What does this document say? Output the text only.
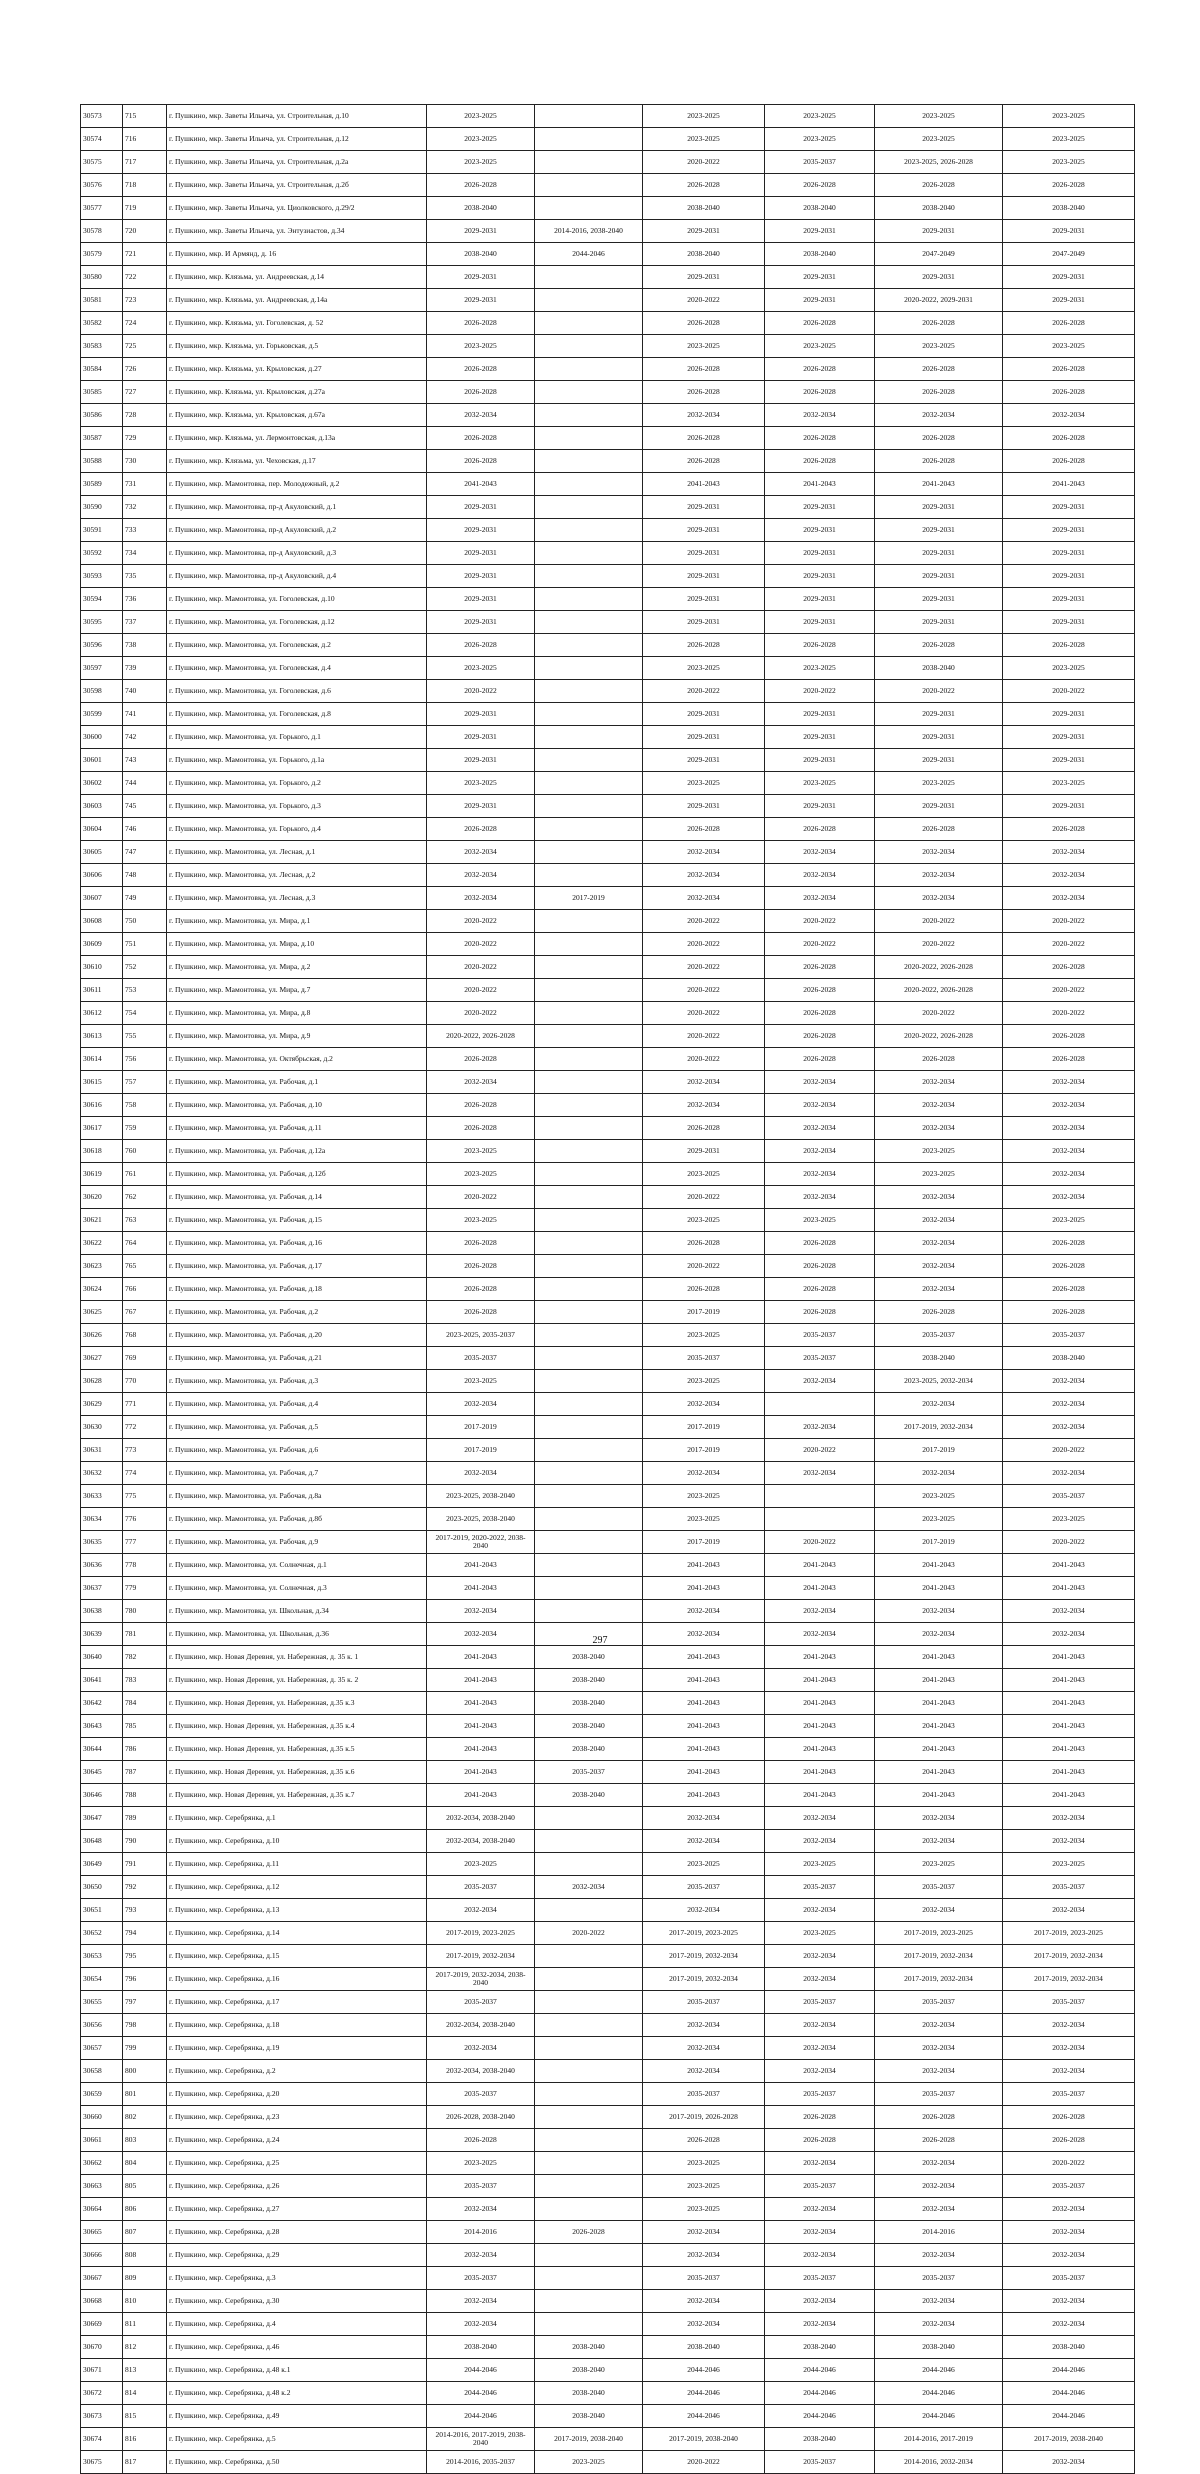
30573	715	г. Пушкино, мкр. Заветы Ильича, ул. Строительная, д.10	2023-2025		2023-2025	2023-2025	2023-2025	2023-2025
30574	716	г. Пушкино, мкр. Заветы Ильича, ул. Строительная, д.12	2023-2025		2023-2025	2023-2025	2023-2025	2023-2025
30575	717	г. Пушкино, мкр. Заветы Ильича, ул. Строительная, д.2а	2023-2025		2020-2022	2035-2037	2023-2025, 2026-2028	2023-2025
30576	718	г. Пушкино, мкр. Заветы Ильича, ул. Строительная, д.2б	2026-2028		2026-2028	2026-2028	2026-2028	2026-2028
30577	719	г. Пушкино, мкр. Заветы Ильича, ул. Циолковского, д.29/2	2038-2040		2038-2040	2038-2040	2038-2040	2038-2040
30578	720	г. Пушкино, мкр. Заветы Ильича, ул. Энтузиастов, д.34	2029-2031	2014-2016, 2038-2040	2029-2031	2029-2031	2029-2031	2029-2031
30579	721	г. Пушкино, мкр. И Армянд, д. 16	2038-2040	2044-2046	2038-2040	2038-2040	2047-2049	2047-2049
30580	722	г. Пушкино, мкр. Клязьма, ул. Андреевская, д.14	2029-2031		2029-2031	2029-2031	2029-2031	2029-2031
30581	723	г. Пушкино, мкр. Клязьма, ул. Андреевская, д.14а	2029-2031		2020-2022	2029-2031	2020-2022, 2029-2031	2029-2031
30582	724	г. Пушкино, мкр. Клязьма, ул. Гоголевская, д. 52	2026-2028		2026-2028	2026-2028	2026-2028	2026-2028
30583	725	г. Пушкино, мкр. Клязьма, ул. Горьковская, д.5	2023-2025		2023-2025	2023-2025	2023-2025	2023-2025
30584	726	г. Пушкино, мкр. Клязьма, ул. Крыловская, д.27	2026-2028		2026-2028	2026-2028	2026-2028	2026-2028
30585	727	г. Пушкино, мкр. Клязьма, ул. Крыловская, д.27а	2026-2028		2026-2028	2026-2028	2026-2028	2026-2028
30586	728	г. Пушкино, мкр. Клязьма, ул. Крыловская, д.67а	2032-2034		2032-2034	2032-2034	2032-2034	2032-2034
30587	729	г. Пушкино, мкр. Клязьма, ул. Лермонтовская, д.13а	2026-2028		2026-2028	2026-2028	2026-2028	2026-2028
30588	730	г. Пушкино, мкр. Клязьма, ул. Чеховская, д.17	2026-2028		2026-2028	2026-2028	2026-2028	2026-2028
30589	731	г. Пушкино, мкр. Мамонтовка, пер. Молодежный, д.2	2041-2043		2041-2043	2041-2043	2041-2043	2041-2043
30590	732	г. Пушкино, мкр. Мамонтовка, пр-д Акуловский, д.1	2029-2031		2029-2031	2029-2031	2029-2031	2029-2031
30591	733	г. Пушкино, мкр. Мамонтовка, пр-д Акуловский, д.2	2029-2031		2029-2031	2029-2031	2029-2031	2029-2031
30592	734	г. Пушкино, мкр. Мамонтовка, пр-д Акуловский, д.3	2029-2031		2029-2031	2029-2031	2029-2031	2029-2031
30593	735	г. Пушкино, мкр. Мамонтовка, пр-д Акуловский, д.4	2029-2031		2029-2031	2029-2031	2029-2031	2029-2031
30594	736	г. Пушкино, мкр. Мамонтовка, ул. Гоголевская, д.10	2029-2031		2029-2031	2029-2031	2029-2031	2029-2031
30595	737	г. Пушкино, мкр. Мамонтовка, ул. Гоголевская, д.12	2029-2031		2029-2031	2029-2031	2029-2031	2029-2031
30596	738	г. Пушкино, мкр. Мамонтовка, ул. Гоголевская, д.2	2026-2028		2026-2028	2026-2028	2026-2028	2026-2028
30597	739	г. Пушкино, мкр. Мамонтовка, ул. Гоголевская, д.4	2023-2025		2023-2025	2023-2025	2038-2040	2023-2025
30598	740	г. Пушкино, мкр. Мамонтовка, ул. Гоголевская, д.6	2020-2022		2020-2022	2020-2022	2020-2022	2020-2022
30599	741	г. Пушкино, мкр. Мамонтовка, ул. Гоголевская, д.8	2029-2031		2029-2031	2029-2031	2029-2031	2029-2031
30600	742	г. Пушкино, мкр. Мамонтовка, ул. Горького, д.1	2029-2031		2029-2031	2029-2031	2029-2031	2029-2031
30601	743	г. Пушкино, мкр. Мамонтовка, ул. Горького, д.1а	2029-2031		2029-2031	2029-2031	2029-2031	2029-2031
30602	744	г. Пушкино, мкр. Мамонтовка, ул. Горького, д.2	2023-2025		2023-2025	2023-2025	2023-2025	2023-2025
30603	745	г. Пушкино, мкр. Мамонтовка, ул. Горького, д.3	2029-2031		2029-2031	2029-2031	2029-2031	2029-2031
30604	746	г. Пушкино, мкр. Мамонтовка, ул. Горького, д.4	2026-2028		2026-2028	2026-2028	2026-2028	2026-2028
30605	747	г. Пушкино, мкр. Мамонтовка, ул. Лесная, д.1	2032-2034		2032-2034	2032-2034	2032-2034	2032-2034
30606	748	г. Пушкино, мкр. Мамонтовка, ул. Лесная, д.2	2032-2034		2032-2034	2032-2034	2032-2034	2032-2034
30607	749	г. Пушкино, мкр. Мамонтовка, ул. Лесная, д.3	2032-2034	2017-2019	2032-2034	2032-2034	2032-2034	2032-2034
30608	750	г. Пушкино, мкр. Мамонтовка, ул. Мира, д.1	2020-2022		2020-2022	2020-2022	2020-2022	2020-2022
30609	751	г. Пушкино, мкр. Мамонтовка, ул. Мира, д.10	2020-2022		2020-2022	2020-2022	2020-2022	2020-2022
30610	752	г. Пушкино, мкр. Мамонтовка, ул. Мира, д.2	2020-2022		2020-2022	2026-2028	2020-2022, 2026-2028	2026-2028
30611	753	г. Пушкино, мкр. Мамонтовка, ул. Мира, д.7	2020-2022		2020-2022	2026-2028	2020-2022, 2026-2028	2020-2022
30612	754	г. Пушкино, мкр. Мамонтовка, ул. Мира, д.8	2020-2022		2020-2022	2026-2028	2020-2022	2020-2022
30613	755	г. Пушкино, мкр. Мамонтовка, ул. Мира, д.9	2020-2022, 2026-2028		2020-2022	2026-2028	2020-2022, 2026-2028	2026-2028
30614	756	г. Пушкино, мкр. Мамонтовка, ул. Октябрьская, д.2	2026-2028		2020-2022	2026-2028	2026-2028	2026-2028
30615	757	г. Пушкино, мкр. Мамонтовка, ул. Рабочая, д.1	2032-2034		2032-2034	2032-2034	2032-2034	2032-2034
30616	758	г. Пушкино, мкр. Мамонтовка, ул. Рабочая, д.10	2026-2028		2032-2034	2032-2034	2032-2034	2032-2034
30617	759	г. Пушкино, мкр. Мамонтовка, ул. Рабочая, д.11	2026-2028		2026-2028	2032-2034	2032-2034	2032-2034
30618	760	г. Пушкино, мкр. Мамонтовка, ул. Рабочая, д.12а	2023-2025		2029-2031	2032-2034	2023-2025	2032-2034
30619	761	г. Пушкино, мкр. Мамонтовка, ул. Рабочая, д.12б	2023-2025		2023-2025	2032-2034	2023-2025	2032-2034
30620	762	г. Пушкино, мкр. Мамонтовка, ул. Рабочая, д.14	2020-2022		2020-2022	2032-2034	2032-2034	2032-2034
30621	763	г. Пушкино, мкр. Мамонтовка, ул. Рабочая, д.15	2023-2025		2023-2025	2023-2025	2032-2034	2023-2025
30622	764	г. Пушкино, мкр. Мамонтовка, ул. Рабочая, д.16	2026-2028		2026-2028	2026-2028	2032-2034	2026-2028
30623	765	г. Пушкино, мкр. Мамонтовка, ул. Рабочая, д.17	2026-2028		2020-2022	2026-2028	2032-2034	2026-2028
30624	766	г. Пушкино, мкр. Мамонтовка, ул. Рабочая, д.18	2026-2028		2026-2028	2026-2028	2032-2034	2026-2028
30625	767	г. Пушкино, мкр. Мамонтовка, ул. Рабочая, д.2	2026-2028		2017-2019	2026-2028	2026-2028	2026-2028
30626	768	г. Пушкино, мкр. Мамонтовка, ул. Рабочая, д.20	2023-2025, 2035-2037		2023-2025	2035-2037	2035-2037	2035-2037
30627	769	г. Пушкино, мкр. Мамонтовка, ул. Рабочая, д.21	2035-2037		2035-2037	2035-2037	2038-2040	2038-2040
30628	770	г. Пушкино, мкр. Мамонтовка, ул. Рабочая, д.3	2023-2025		2023-2025	2032-2034	2023-2025, 2032-2034	2032-2034
30629	771	г. Пушкино, мкр. Мамонтовка, ул. Рабочая, д.4	2032-2034		2032-2034		2032-2034	2032-2034
30630	772	г. Пушкино, мкр. Мамонтовка, ул. Рабочая, д.5	2017-2019		2017-2019	2032-2034	2017-2019, 2032-2034	2032-2034
30631	773	г. Пушкино, мкр. Мамонтовка, ул. Рабочая, д.6	2017-2019		2017-2019	2020-2022	2017-2019	2020-2022
30632	774	г. Пушкино, мкр. Мамонтовка, ул. Рабочая, д.7	2032-2034		2032-2034	2032-2034	2032-2034	2032-2034
30633	775	г. Пушкино, мкр. Мамонтовка, ул. Рабочая, д.8а	2023-2025, 2038-2040		2023-2025		2023-2025	2035-2037
30634	776	г. Пушкино, мкр. Мамонтовка, ул. Рабочая, д.8б	2023-2025, 2038-2040		2023-2025		2023-2025	2023-2025
30635	777	г. Пушкино, мкр. Мамонтовка, ул. Рабочая, д.9	2017-2019, 2020-2022, 2038-2040		2017-2019	2020-2022	2017-2019	2020-2022
30636	778	г. Пушкино, мкр. Мамонтовка, ул. Солнечная, д.1	2041-2043		2041-2043	2041-2043	2041-2043	2041-2043
30637	779	г. Пушкино, мкр. Мамонтовка, ул. Солнечная, д.3	2041-2043		2041-2043	2041-2043	2041-2043	2041-2043
30638	780	г. Пушкино, мкр. Мамонтовка, ул. Школьная, д.34	2032-2034		2032-2034	2032-2034	2032-2034	2032-2034
30639	781	г. Пушкино, мкр. Мамонтовка, ул. Школьная, д.36	2032-2034		2032-2034	2032-2034	2032-2034	2032-2034
30640	782	г. Пушкино, мкр. Новая Деревня, ул. Набережная, д. 35 к. 1	2041-2043	2038-2040	2041-2043	2041-2043	2041-2043	2041-2043
30641	783	г. Пушкино, мкр. Новая Деревня, ул. Набережная, д. 35 к. 2	2041-2043	2038-2040	2041-2043	2041-2043	2041-2043	2041-2043
30642	784	г. Пушкино, мкр. Новая Деревня, ул. Набережная, д.35 к.3	2041-2043	2038-2040	2041-2043	2041-2043	2041-2043	2041-2043
30643	785	г. Пушкино, мкр. Новая Деревня, ул. Набережная, д.35 к.4	2041-2043	2038-2040	2041-2043	2041-2043	2041-2043	2041-2043
30644	786	г. Пушкино, мкр. Новая Деревня, ул. Набережная, д.35 к.5	2041-2043	2038-2040	2041-2043	2041-2043	2041-2043	2041-2043
30645	787	г. Пушкино, мкр. Новая Деревня, ул. Набережная, д.35 к.6	2041-2043	2035-2037	2041-2043	2041-2043	2041-2043	2041-2043
30646	788	г. Пушкино, мкр. Новая Деревня, ул. Набережная, д.35 к.7	2041-2043	2038-2040	2041-2043	2041-2043	2041-2043	2041-2043
30647	789	г. Пушкино, мкр. Серебрянка, д.1	2032-2034, 2038-2040		2032-2034	2032-2034	2032-2034	2032-2034
30648	790	г. Пушкино, мкр. Серебрянка, д.10	2032-2034, 2038-2040		2032-2034	2032-2034	2032-2034	2032-2034
30649	791	г. Пушкино, мкр. Серебрянка, д.11	2023-2025		2023-2025	2023-2025	2023-2025	2023-2025
30650	792	г. Пушкино, мкр. Серебрянка, д.12	2035-2037	2032-2034	2035-2037	2035-2037	2035-2037	2035-2037
30651	793	г. Пушкино, мкр. Серебрянка, д.13	2032-2034		2032-2034	2032-2034	2032-2034	2032-2034
30652	794	г. Пушкино, мкр. Серебрянка, д.14	2017-2019, 2023-2025	2020-2022	2017-2019, 2023-2025	2023-2025	2017-2019, 2023-2025	2017-2019, 2023-2025
30653	795	г. Пушкино, мкр. Серебрянка, д.15	2017-2019, 2032-2034		2017-2019, 2032-2034	2032-2034	2017-2019, 2032-2034	2017-2019, 2032-2034
30654	796	г. Пушкино, мкр. Серебрянка, д.16	2017-2019, 2032-2034, 2038-2040		2017-2019, 2032-2034	2032-2034	2017-2019, 2032-2034	2017-2019, 2032-2034
30655	797	г. Пушкино, мкр. Серебрянка, д.17	2035-2037		2035-2037	2035-2037	2035-2037	2035-2037
30656	798	г. Пушкино, мкр. Серебрянка, д.18	2032-2034, 2038-2040		2032-2034	2032-2034	2032-2034	2032-2034
30657	799	г. Пушкино, мкр. Серебрянка, д.19	2032-2034		2032-2034	2032-2034	2032-2034	2032-2034
30658	800	г. Пушкино, мкр. Серебрянка, д.2	2032-2034, 2038-2040		2032-2034	2032-2034	2032-2034	2032-2034
30659	801	г. Пушкино, мкр. Серебрянка, д.20	2035-2037		2035-2037	2035-2037	2035-2037	2035-2037
30660	802	г. Пушкино, мкр. Серебрянка, д.23	2026-2028, 2038-2040		2017-2019, 2026-2028	2026-2028	2026-2028	2026-2028
30661	803	г. Пушкино, мкр. Серебрянка, д.24	2026-2028		2026-2028	2026-2028	2026-2028	2026-2028
30662	804	г. Пушкино, мкр. Серебрянка, д.25	2023-2025		2023-2025	2032-2034	2032-2034	2020-2022
30663	805	г. Пушкино, мкр. Серебрянка, д.26	2035-2037		2023-2025	2035-2037	2032-2034	2035-2037
30664	806	г. Пушкино, мкр. Серебрянка, д.27	2032-2034		2023-2025	2032-2034	2032-2034	2032-2034
30665	807	г. Пушкино, мкр. Серебрянка, д.28	2014-2016	2026-2028	2032-2034	2032-2034	2014-2016	2032-2034
30666	808	г. Пушкино, мкр. Серебрянка, д.29	2032-2034		2032-2034	2032-2034	2032-2034	2032-2034
30667	809	г. Пушкино, мкр. Серебрянка, д.3	2035-2037		2035-2037	2035-2037	2035-2037	2035-2037
30668	810	г. Пушкино, мкр. Серебрянка, д.30	2032-2034		2032-2034	2032-2034	2032-2034	2032-2034
30669	811	г. Пушкино, мкр. Серебрянка, д.4	2032-2034		2032-2034	2032-2034	2032-2034	2032-2034
30670	812	г. Пушкино, мкр. Серебрянка, д.46	2038-2040	2038-2040	2038-2040	2038-2040	2038-2040	2038-2040
30671	813	г. Пушкино, мкр. Серебрянка, д.48 к.1	2044-2046	2038-2040	2044-2046	2044-2046	2044-2046	2044-2046
30672	814	г. Пушкино, мкр. Серебрянка, д.48 к.2	2044-2046	2038-2040	2044-2046	2044-2046	2044-2046	2044-2046
30673	815	г. Пушкино, мкр. Серебрянка, д.49	2044-2046	2038-2040	2044-2046	2044-2046	2044-2046	2044-2046
30674	816	г. Пушкино, мкр. Серебрянка, д.5	2014-2016, 2017-2019, 2038-2040	2017-2019, 2038-2040	2017-2019, 2038-2040	2038-2040	2014-2016, 2017-2019	2017-2019, 2038-2040
30675	817	г. Пушкино, мкр. Серебрянка, д.50	2014-2016, 2035-2037	2023-2025	2020-2022	2035-2037	2014-2016, 2032-2034	2032-2034
297
